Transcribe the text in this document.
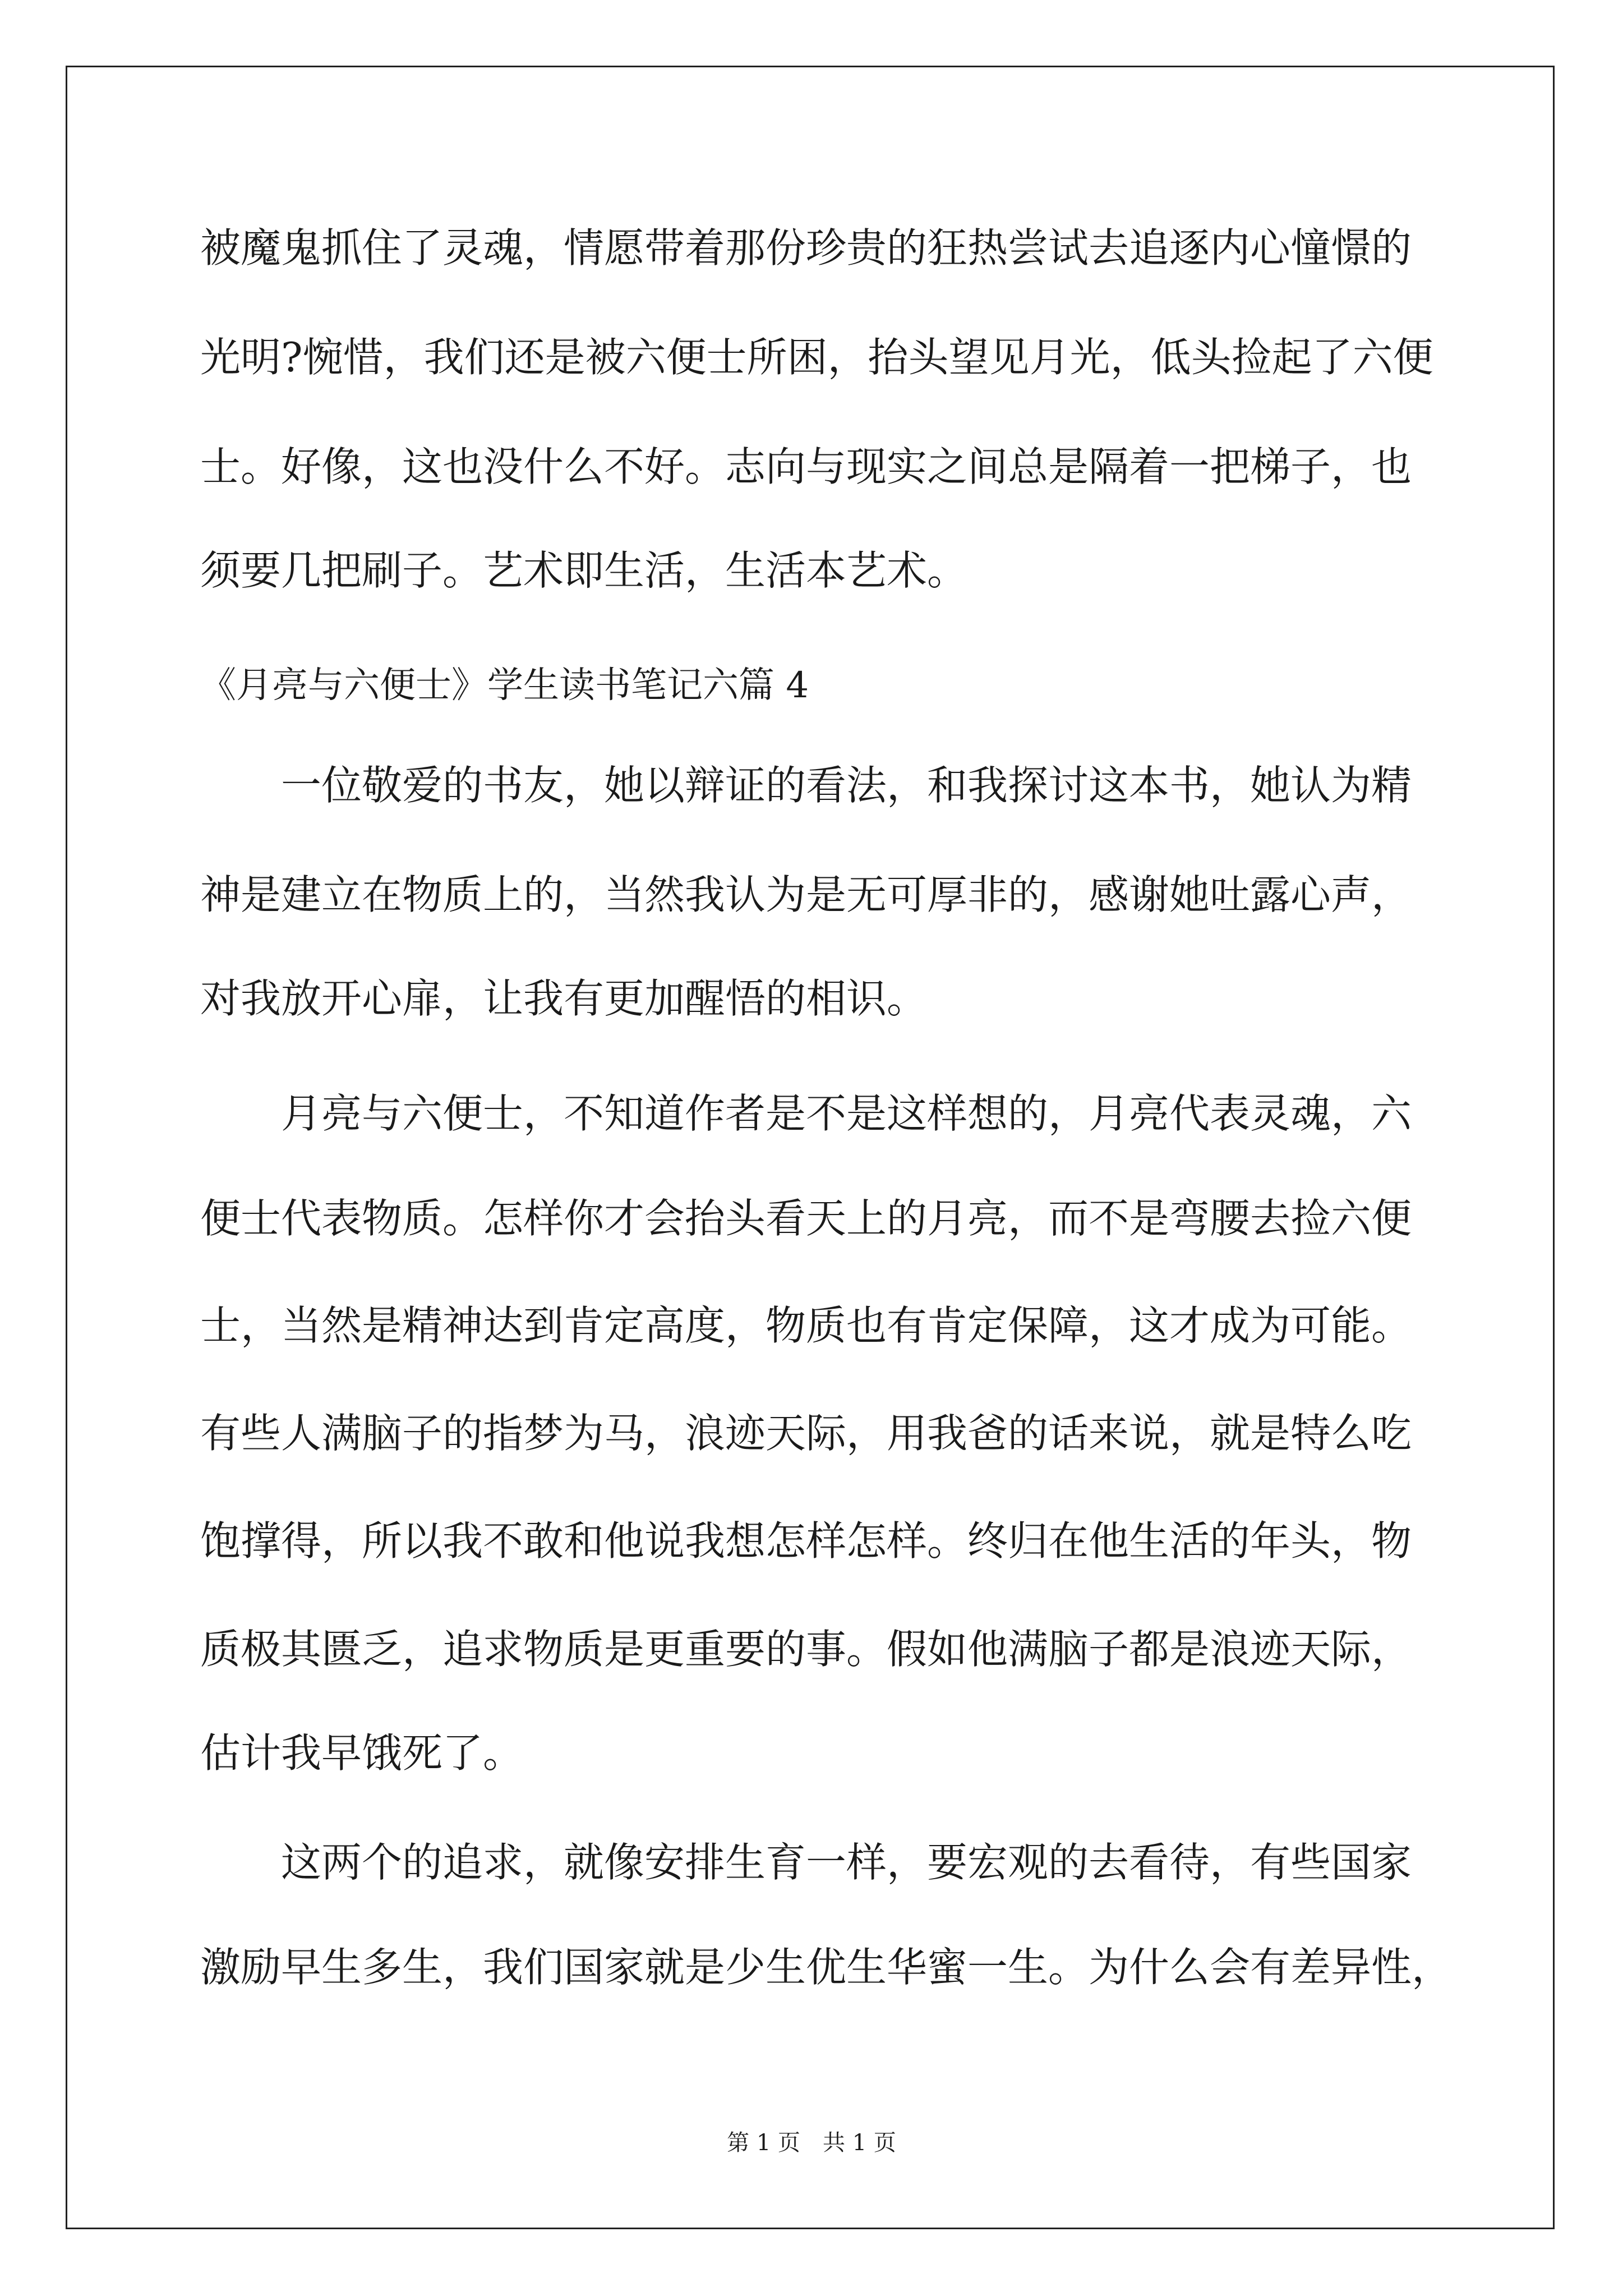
被魔鬼抓住了灵魂，情愿带着那份珍贵的狂热尝试去追逐内心憧憬的
光明?惋惜，我们还是被六便士所困，抬头望见月光，低头捡起了六便
士。好像，这也没什么不好。志向与现实之间总是隔着一把梯子，也
须要几把刷子。艺术即生活，生活本艺术。
《月亮与六便士》学生读书笔记六篇 4
　　一位敬爱的书友，她以辩证的看法，和我探讨这本书，她认为精
神是建立在物质上的，当然我认为是无可厚非的，感谢她吐露心声，
对我放开心扉，让我有更加醒悟的相识。
　　月亮与六便士，不知道作者是不是这样想的，月亮代表灵魂，六
便士代表物质。怎样你才会抬头看天上的月亮，而不是弯腰去捡六便
士，当然是精神达到肯定高度，物质也有肯定保障，这才成为可能。
有些人满脑子的指梦为马，浪迹天际，用我爸的话来说，就是特么吃
饱撑得，所以我不敢和他说我想怎样怎样。终归在他生活的年头，物
质极其匮乏，追求物质是更重要的事。假如他满脑子都是浪迹天际，
估计我早饿死了。
　　这两个的追求，就像安排生育一样，要宏观的去看待，有些国家
激励早生多生，我们国家就是少生优生华蜜一生。为什么会有差异性，
第 1 页　共 1 页
